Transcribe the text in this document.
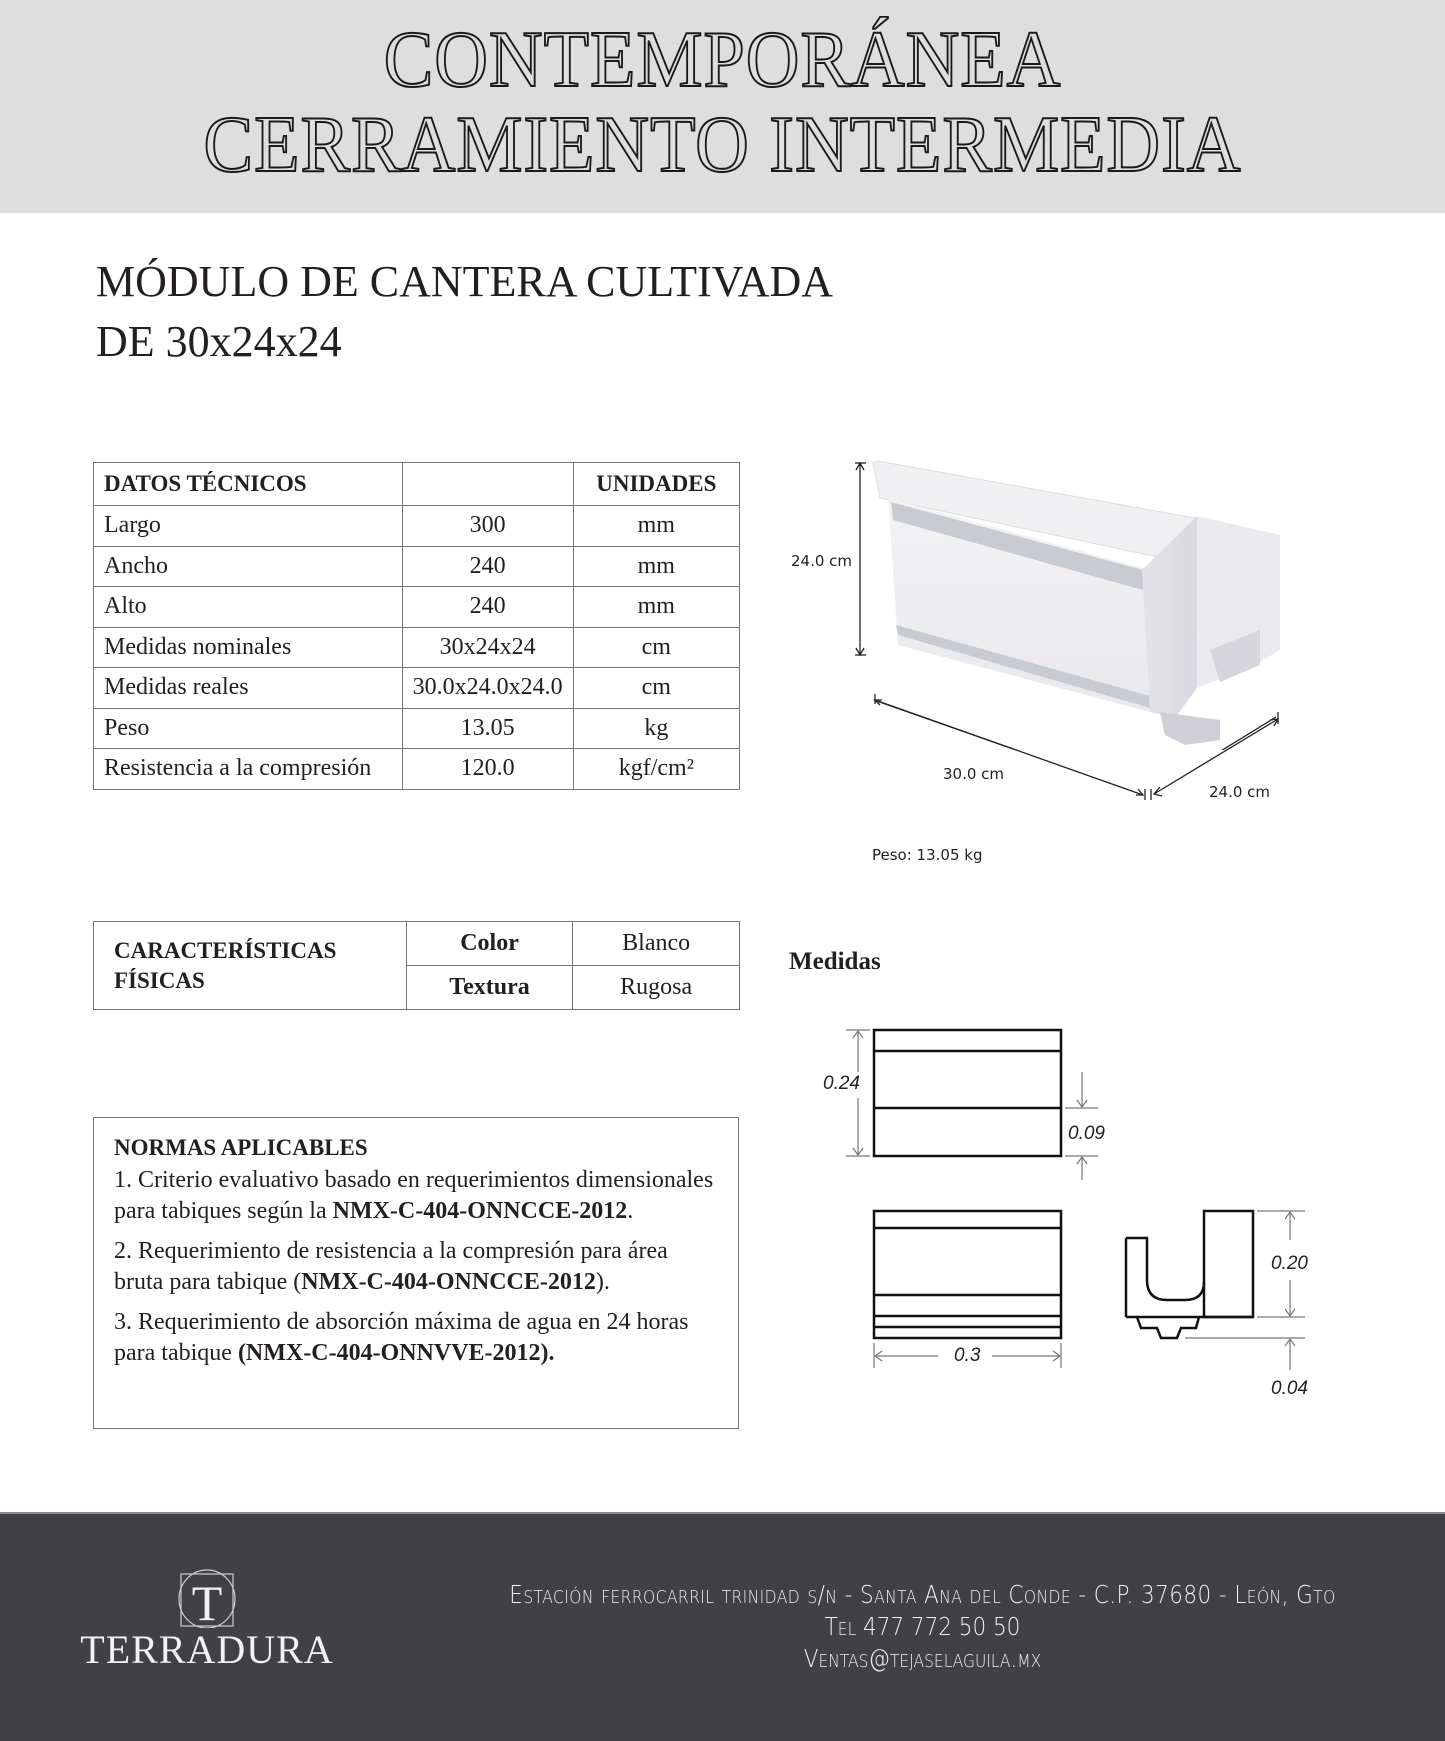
CONTEMPORÁNEA
CERRAMIENTO INTERMEDIA
MÓDULO DE CANTERA CULTIVADA
DE 30x24x24
DATOS TÉCNICOS		UNIDADES
Largo	300	mm
Ancho	240	mm
Alto	240	mm
Medidas nominales	30x24x24	cm
Medidas reales	30.0x24.0x24.0	cm
Peso	13.05	kg
Resistencia a la compresión	120.0	kgf/cm²
24.0 cm
30.0 cm
24.0 cm
Peso: 13.05 kg
CARACTERÍSTICAS
FÍSICAS	Color	Blanco
	Textura	Rugosa
NORMAS APLICABLES

1. Criterio evaluativo basado en requerimientos dimensionales para tabiques según la NMX-C-404-ONNCCE-2012.

2. Requerimiento de resistencia a la compresión para área bruta para tabique (NMX-C-404-ONNCCE-2012).

3. Requerimiento de absorción máxima de agua en 24 horas para tabique (NMX-C-404-ONNVVE-2012).

Medidas
0.24
0.09
0.3
0.20
0.04
T
TERRADURA
Estación ferrocarril trinidad s/n - Santa Ana del Conde - C.P. 37680 - León, Gto
Tel 477 772 50 50
Ventas@tejaselaguila.mx
